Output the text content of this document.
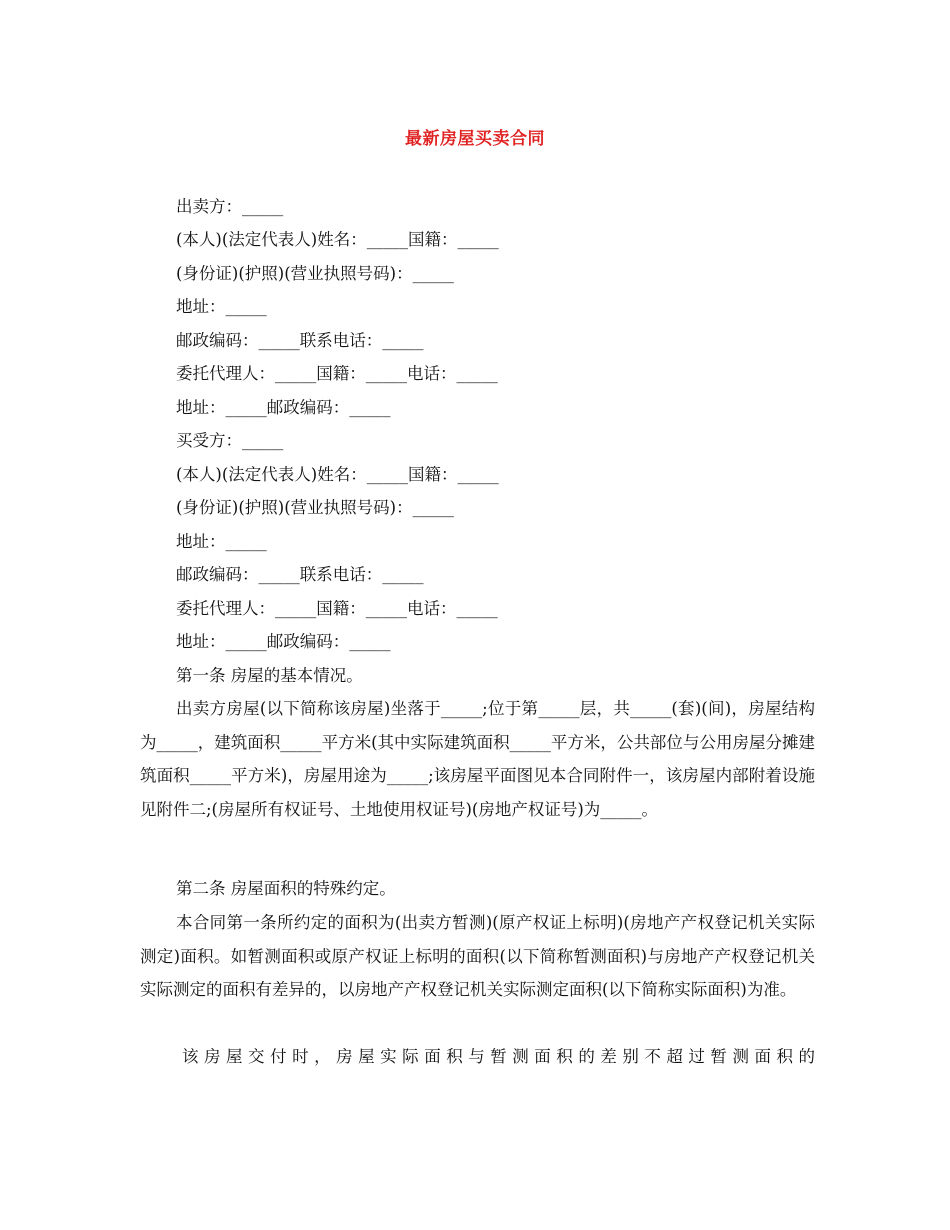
最新房屋买卖合同
出卖方：_____
(本人)(法定代表人)姓名：_____国籍：_____
(身份证)(护照)(营业执照号码)：_____
地址：_____
邮政编码：_____联系电话：_____
委托代理人：_____国籍：_____电话：_____
地址：_____邮政编码：_____
买受方：_____
(本人)(法定代表人)姓名：_____国籍：_____
(身份证)(护照)(营业执照号码)：_____
地址：_____
邮政编码：_____联系电话：_____
委托代理人：_____国籍：_____电话：_____
地址：_____邮政编码：_____
第一条 房屋的基本情况。
出卖方房屋(以下简称该房屋)坐落于_____;位于第_____层，共_____(套)(间)，房屋结构为_____，建筑面积_____平方米(其中实际建筑面积_____平方米，公共部位与公用房屋分摊建筑面积_____平方米)，房屋用途为_____;该房屋平面图见本合同附件一，该房屋内部附着设施见附件二;(房屋所有权证号、土地使用权证号)(房地产权证号)为_____。
第二条 房屋面积的特殊约定。
本合同第一条所约定的面积为(出卖方暂测)(原产权证上标明)(房地产产权登记机关实际测定)面积。如暂测面积或原产权证上标明的面积(以下简称暂测面积)与房地产产权登记机关实际测定的面积有差异的，以房地产产权登记机关实际测定面积(以下简称实际面积)为准。
该房屋交付时，房屋实际面积与暂测面积的差别不超过暂测面积的
